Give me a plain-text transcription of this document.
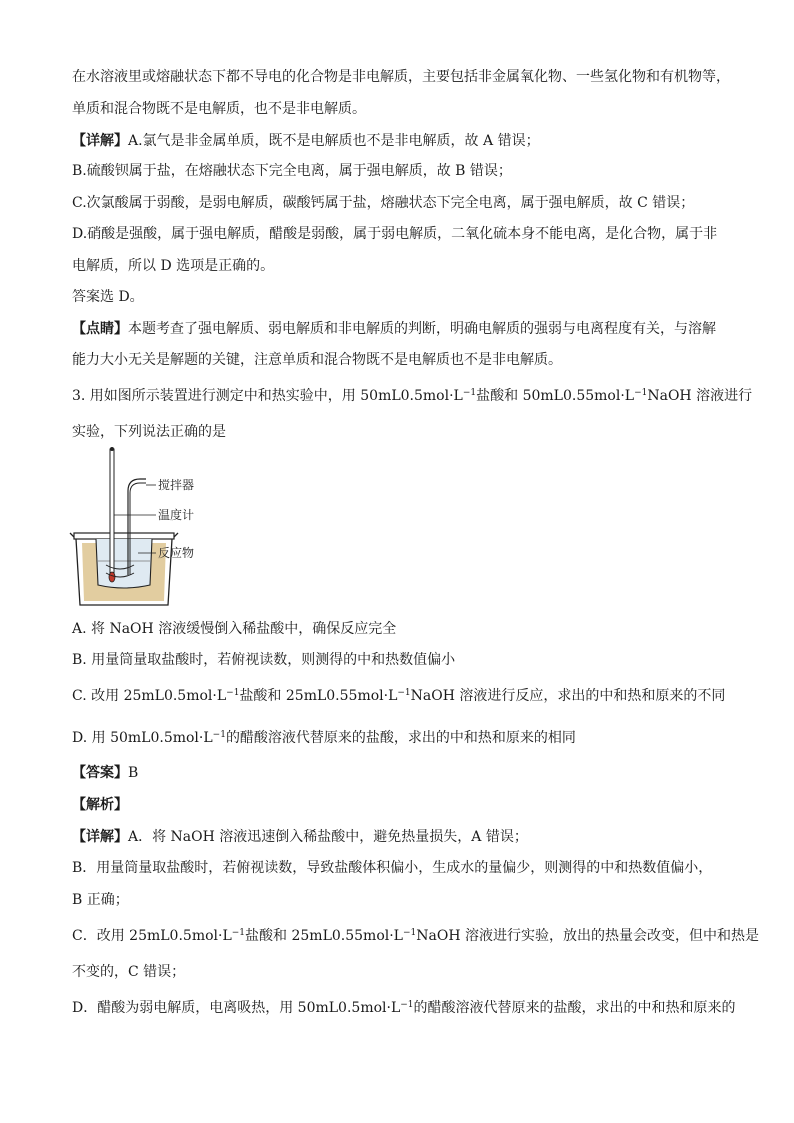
在水溶液里或熔融状态下都不导电的化合物是非电解质，主要包括非金属氧化物、一些氢化物和有机物等，
单质和混合物既不是电解质，也不是非电解质。
【详解】A.氯气是非金属单质，既不是电解质也不是非电解质，故 A 错误；
B.硫酸钡属于盐，在熔融状态下完全电离，属于强电解质，故 B 错误；
C.次氯酸属于弱酸，是弱电解质，碳酸钙属于盐，熔融状态下完全电离，属于强电解质，故 C 错误；
D.硝酸是强酸，属于强电解质，醋酸是弱酸，属于弱电解质，二氧化硫本身不能电离，是化合物，属于非
电解质，所以 D 选项是正确的。
答案选 D。
【点睛】本题考查了强电解质、弱电解质和非电解质的判断，明确电解质的强弱与电离程度有关，与溶解
能力大小无关是解题的关键，注意单质和混合物既不是电解质也不是非电解质。
3. 用如图所示装置进行测定中和热实验中，用 $50mL0.5mol\cdot L^{-1}$盐酸和 $50mL0.55mol\cdot L^{-1}NaOH$ 溶液进行
实验，下列说法正确的是
搅拌器
温度计
反应物
A. 将 NaOH 溶液缓慢倒入稀盐酸中，确保反应完全
B. 用量筒量取盐酸时，若俯视读数，则测得的中和热数值偏小
C. 改用 $25mL0.5mol\cdot L^{-1}$盐酸和 $25mL0.55mol\cdot L^{-1}NaOH$ 溶液进行反应，求出的中和热和原来的不同
D. 用 $50mL0.5mol\cdot L^{-1}$的醋酸溶液代替原来的盐酸，求出的中和热和原来的相同
【答案】B
【解析】
【详解】A．将 NaOH 溶液迅速倒入稀盐酸中，避免热量损失，A 错误；
B．用量筒量取盐酸时，若俯视读数，导致盐酸体积偏小，生成水的量偏少，则测得的中和热数值偏小，
B 正确；
C．改用 $25mL0.5mol\cdot L^{-1}$盐酸和 $25mL0.55mol\cdot L^{-1}NaOH$ 溶液进行实验，放出的热量会改变，但中和热是
不变的，C 错误；
D．醋酸为弱电解质，电离吸热，用 $50mL0.5mol\cdot L^{-1}$的醋酸溶液代替原来的盐酸，求出的中和热和原来的
